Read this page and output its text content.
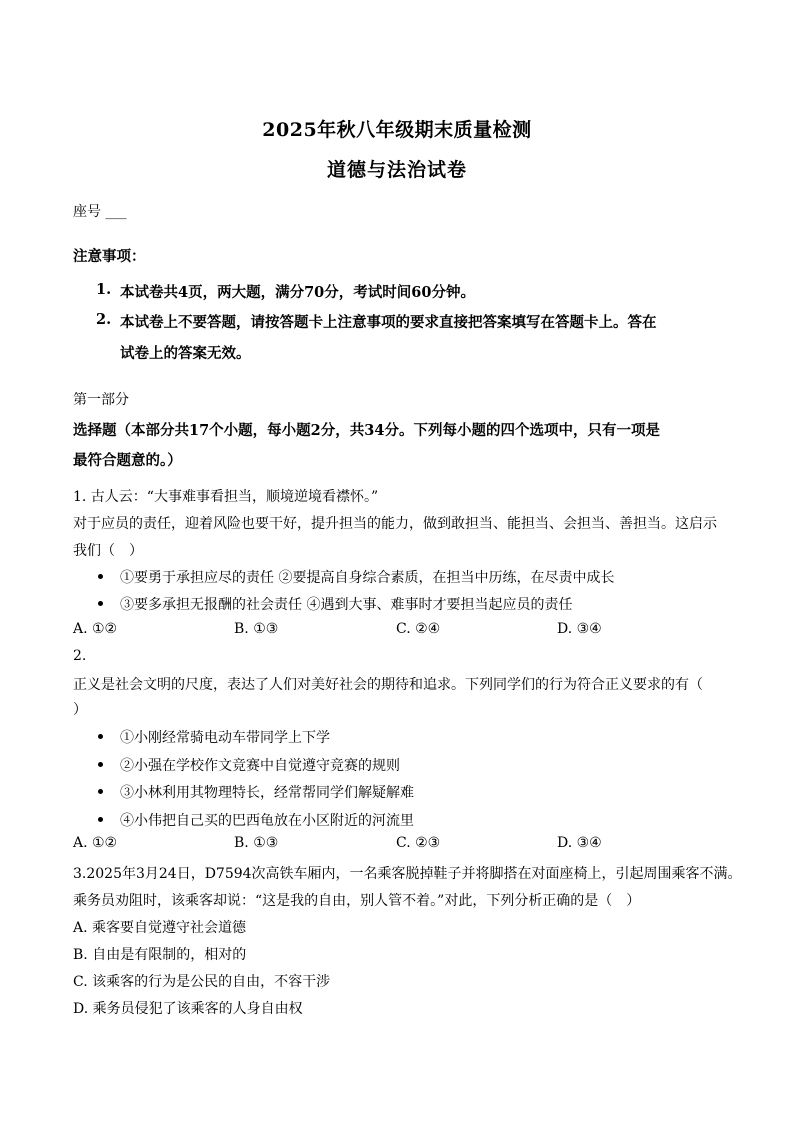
2025年秋八年级期末质量检测
道德与法治试卷
座号 ___
注意事项：
1. 本试卷共4页，两大题，满分70分，考试时间60分钟。
2. 本试卷上不要答题，请按答题卡上注意事项的要求直接把答案填写在答题卡上。答在
试卷上的答案无效。
第一部分
选择题（本部分共17个小题，每小题2分，共34分。下列每小题的四个选项中，只有一项是
最符合题意的。）
1. 古人云：“大事难事看担当，顺境逆境看襟怀。”
对于应员的责任，迎着风险也要干好，提升担当的能力，做到敢担当、能担当、会担当、善担当。这启示
我们（　）
①要勇于承担应尽的责任 ②要提高自身综合素质，在担当中历练，在尽责中成长
③要多承担无报酬的社会责任 ④遇到大事、难事时才要担当起应员的责任
A. ①②	B. ①③	C. ②④	D. ③④
2.
正义是社会文明的尺度，表达了人们对美好社会的期待和追求。下列同学们的行为符合正义要求的有（
）
①小刚经常骑电动车带同学上下学
②小强在学校作文竞赛中自觉遵守竞赛的规则
③小林利用其物理特长，经常帮同学们解疑解难
④小伟把自己买的巴西龟放在小区附近的河流里
A. ①②	B. ①③	C. ②③	D. ③④
3.2025年3月24日，D7594次高铁车厢内，一名乘客脱掉鞋子并将脚搭在对面座椅上，引起周围乘客不满。
乘务员劝阻时，该乘客却说：“这是我的自由，别人管不着。”对此，下列分析正确的是（　）
A. 乘客要自觉遵守社会道德
B. 自由是有限制的，相对的
C. 该乘客的行为是公民的自由，不容干涉
D. 乘务员侵犯了该乘客的人身自由权
